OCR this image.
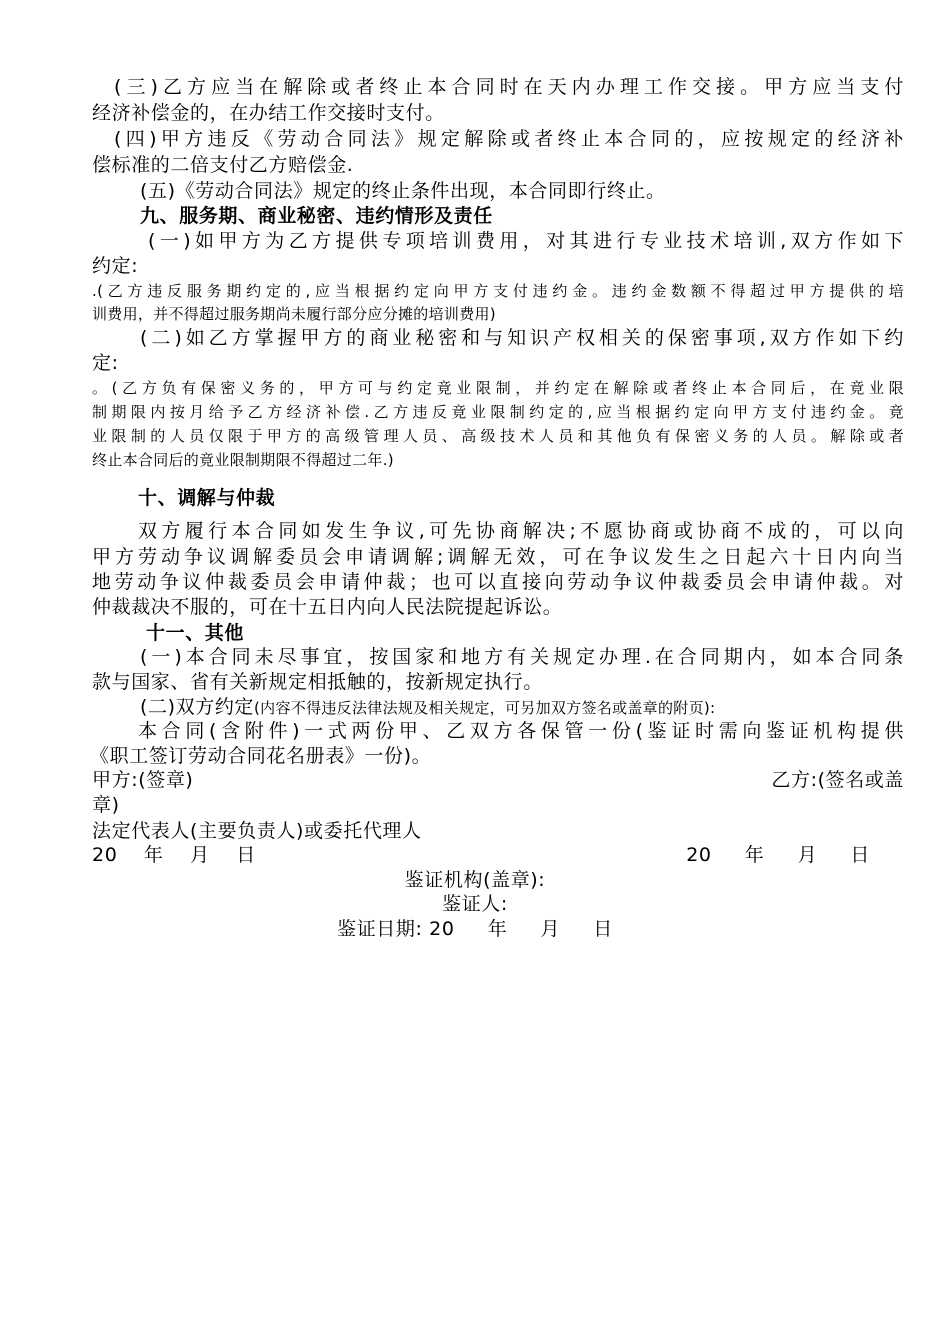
(三)乙方应当在解除或者终止本合同时在天内办理工作交接。甲方应当支付
经济补偿金的，在办结工作交接时支付。
(四)甲方违反《劳动合同法》规定解除或者终止本合同的，应按规定的经济补
偿标准的二倍支付乙方赔偿金.
(五)《劳动合同法》规定的终止条件出现，本合同即行终止。
九、服务期、商业秘密、违约情形及责任
(一)如甲方为乙方提供专项培训费用，对其进行专业技术培训,双方作如下
约定:
.(乙方违反服务期约定的,应当根据约定向甲方支付违约金。违约金数额不得超过甲方提供的培
训费用，并不得超过服务期尚未履行部分应分摊的培训费用)
(二)如乙方掌握甲方的商业秘密和与知识产权相关的保密事项,双方作如下约
定:
。(乙方负有保密义务的，甲方可与约定竟业限制，并约定在解除或者终止本合同后，在竟业限
制期限内按月给予乙方经济补偿.乙方违反竟业限制约定的,应当根据约定向甲方支付违约金。竟
业限制的人员仅限于甲方的高级管理人员、高级技术人员和其他负有保密义务的人员。解除或者
终止本合同后的竟业限制期限不得超过二年.)
十、调解与仲裁
双方履行本合同如发生争议,可先协商解决;不愿协商或协商不成的，可以向
甲方劳动争议调解委员会申请调解;调解无效，可在争议发生之日起六十日内向当
地劳动争议仲裁委员会申请仲裁；也可以直接向劳动争议仲裁委员会申请仲裁。对
仲裁裁决不服的，可在十五日内向人民法院提起诉讼。
十一、其他
(一)本合同未尽事宜，按国家和地方有关规定办理.在合同期内，如本合同条
款与国家、省有关新规定相抵触的，按新规定执行。
(二)双方约定(内容不得违反法律法规及相关规定，可另加双方签名或盖章的附页):
本合同(含附件)一式两份甲、乙双方各保管一份(鉴证时需向鉴证机构提供
《职工签订劳动合同花名册表》一份)。
甲方:(签章)	乙方:(签名或盖
章)
法定代表人(主要负责人)或委托代理人
20    年    月    日	20     年     月     日
鉴证机构(盖章):
鉴证人:
鉴证日期: 20     年     月     日
